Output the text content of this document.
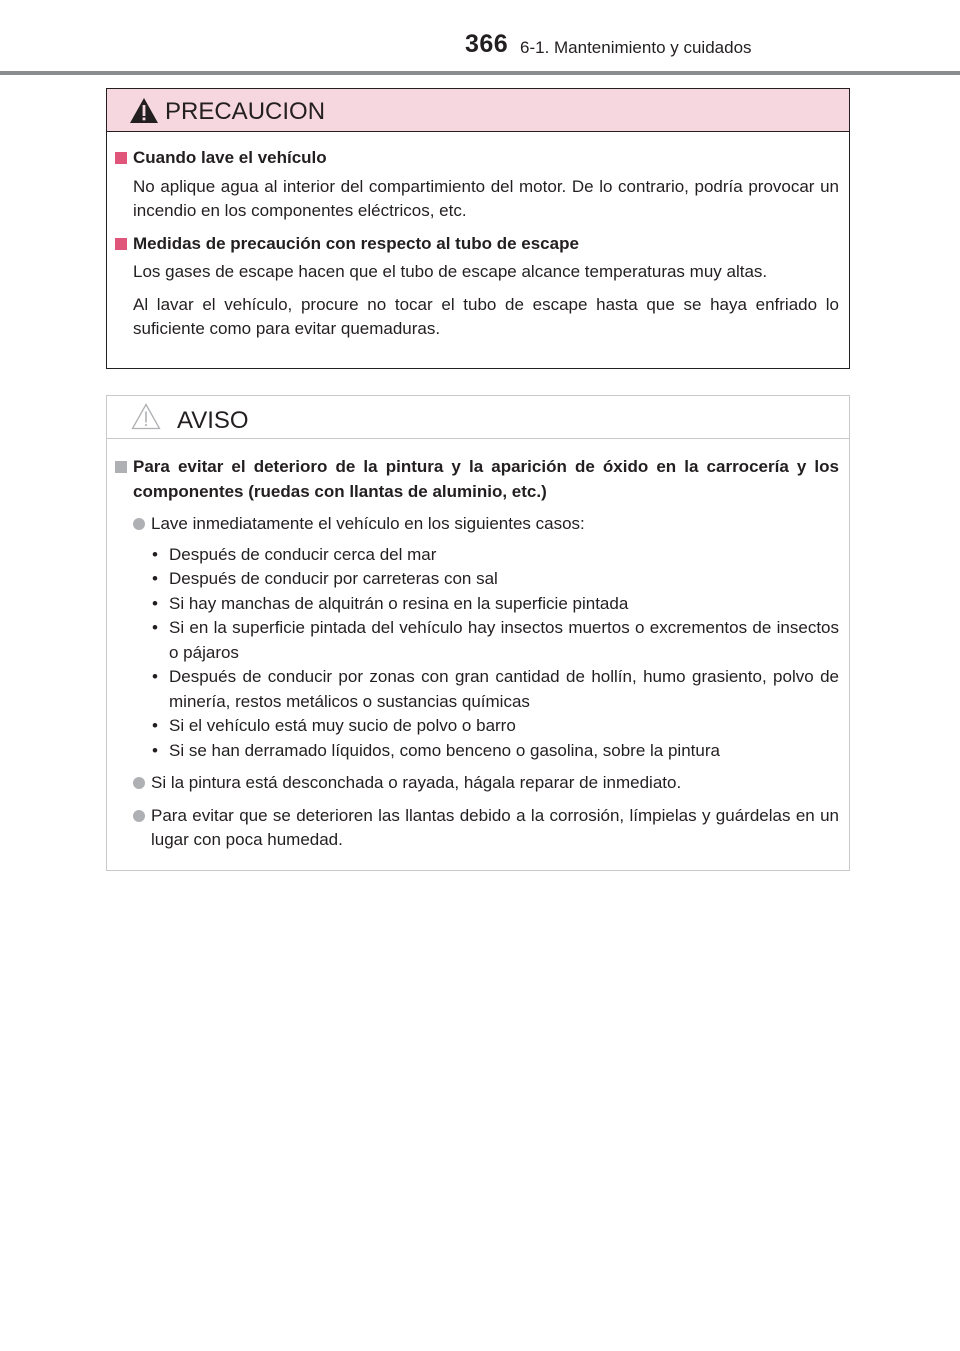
366 6-1. Mantenimiento y cuidados
PRECAUCION
Cuando lave el vehículo

No aplique agua al interior del compartimiento del motor. De lo contrario, podría provocar un incendio en los componentes eléctricos, etc.

Medidas de precaución con respecto al tubo de escape

Los gases de escape hacen que el tubo de escape alcance temperaturas muy altas.

Al lavar el vehículo, procure no tocar el tubo de escape hasta que se haya enfriado lo suficiente como para evitar quemaduras.

AVISO
Para evitar el deterioro de la pintura y la aparición de óxido en la carrocería y los componentes (ruedas con llantas de aluminio, etc.)
Lave inmediatamente el vehículo en los siguientes casos:
• Después de conducir cerca del mar
• Después de conducir por carreteras con sal
• Si hay manchas de alquitrán o resina en la superficie pintada
• Si en la superficie pintada del vehículo hay insectos muertos o excrementos de insectos o pájaros
• Después de conducir por zonas con gran cantidad de hollín, humo grasiento, polvo de minería, restos metálicos o sustancias químicas
• Si el vehículo está muy sucio de polvo o barro
• Si se han derramado líquidos, como benceno o gasolina, sobre la pintura
Si la pintura está desconchada o rayada, hágala reparar de inmediato.
Para evitar que se deterioren las llantas debido a la corrosión, límpielas y guárdelas en un lugar con poca humedad.
